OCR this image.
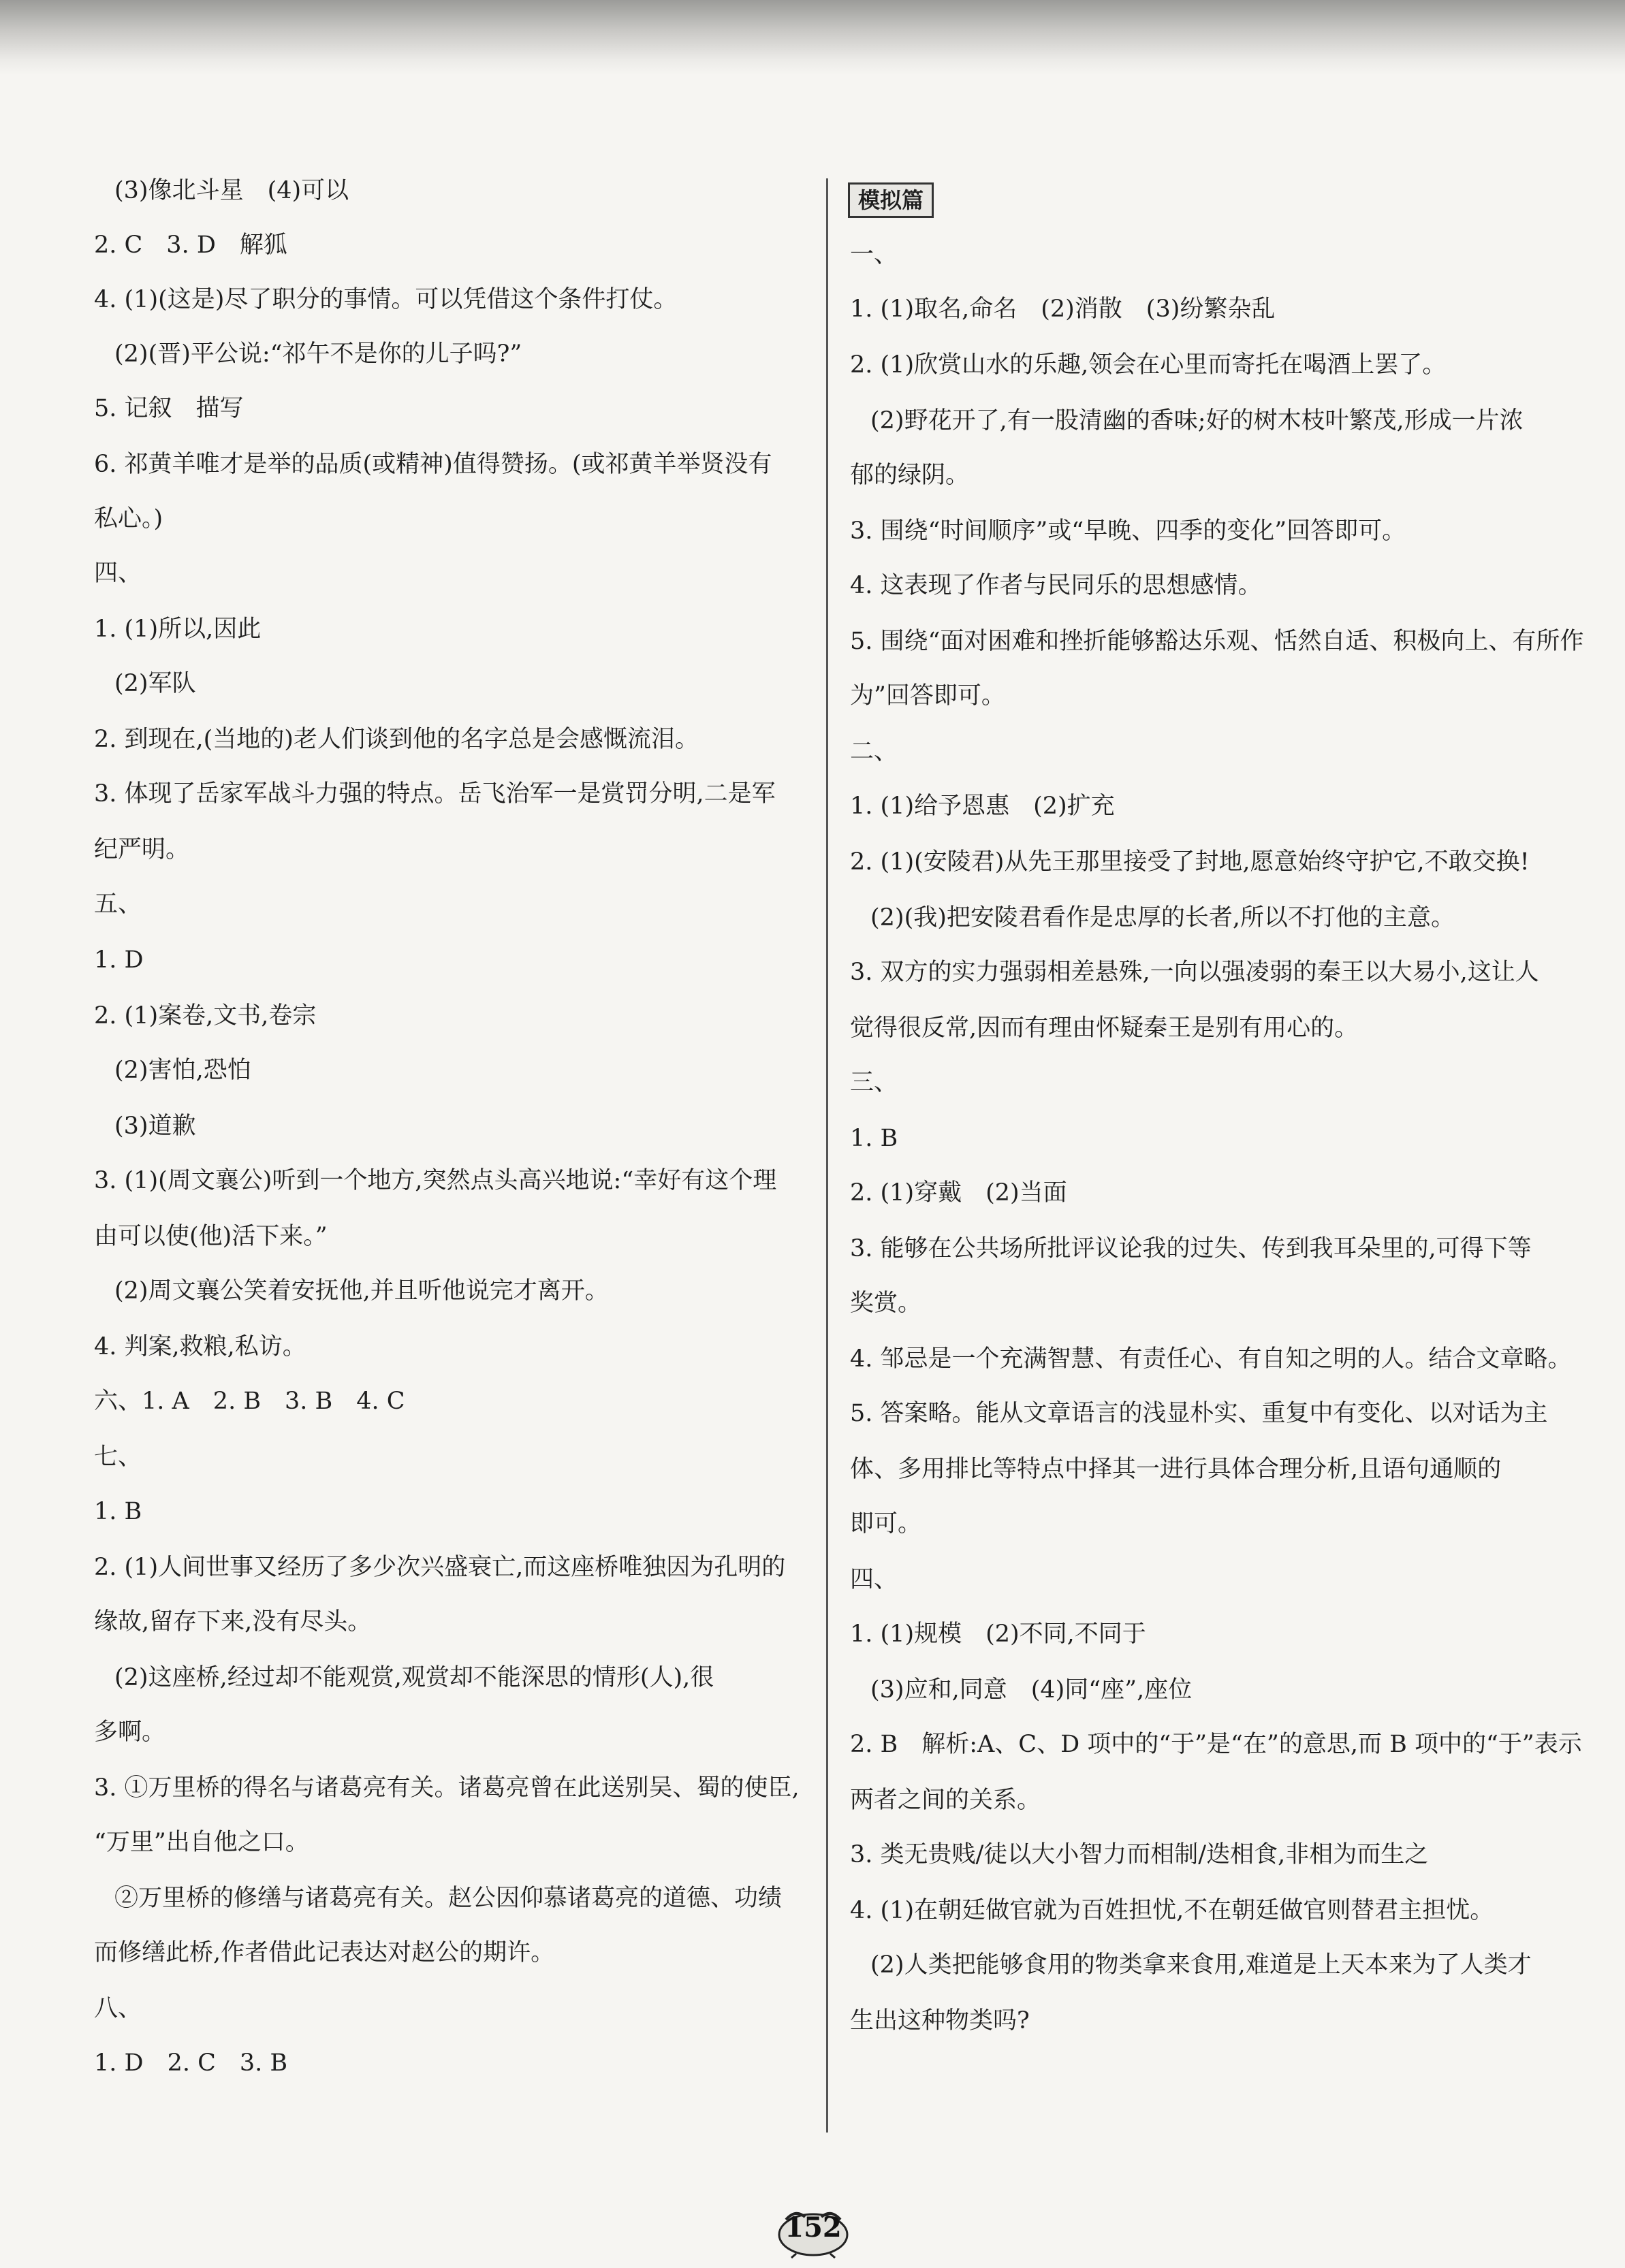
(3)像北斗星　(4)可以
2. C　3. D　解狐
4. (1)(这是)尽了职分的事情。可以凭借这个条件打仗。
(2)(晋)平公说:“祁午不是你的儿子吗?”
5. 记叙　描写
6. 祁黄羊唯才是举的品质(或精神)值得赞扬。(或祁黄羊举贤没有
私心。)
四、
1. (1)所以,因此
(2)军队
2. 到现在,(当地的)老人们谈到他的名字总是会感慨流泪。
3. 体现了岳家军战斗力强的特点。岳飞治军一是赏罚分明,二是军
纪严明。
五、
1. D
2. (1)案卷,文书,卷宗
(2)害怕,恐怕
(3)道歉
3. (1)(周文襄公)听到一个地方,突然点头高兴地说:“幸好有这个理
由可以使(他)活下来。”
(2)周文襄公笑着安抚他,并且听他说完才离开。
4. 判案,救粮,私访。
六、1. A　2. B　3. B　4. C
七、
1. B
2. (1)人间世事又经历了多少次兴盛衰亡,而这座桥唯独因为孔明的
缘故,留存下来,没有尽头。
(2)这座桥,经过却不能观赏,观赏却不能深思的情形(人),很
多啊。
3. ①万里桥的得名与诸葛亮有关。诸葛亮曾在此送别吴、蜀的使臣,
“万里”出自他之口。
②万里桥的修缮与诸葛亮有关。赵公因仰慕诸葛亮的道德、功绩
而修缮此桥,作者借此记表达对赵公的期许。
八、
1. D　2. C　3. B
模拟篇
一、
1. (1)取名,命名　(2)消散　(3)纷繁杂乱
2. (1)欣赏山水的乐趣,领会在心里而寄托在喝酒上罢了。
(2)野花开了,有一股清幽的香味;好的树木枝叶繁茂,形成一片浓
郁的绿阴。
3. 围绕“时间顺序”或“早晚、四季的变化”回答即可。
4. 这表现了作者与民同乐的思想感情。
5. 围绕“面对困难和挫折能够豁达乐观、恬然自适、积极向上、有所作
为”回答即可。
二、
1. (1)给予恩惠　(2)扩充
2. (1)(安陵君)从先王那里接受了封地,愿意始终守护它,不敢交换!
(2)(我)把安陵君看作是忠厚的长者,所以不打他的主意。
3. 双方的实力强弱相差悬殊,一向以强凌弱的秦王以大易小,这让人
觉得很反常,因而有理由怀疑秦王是别有用心的。
三、
1. B
2. (1)穿戴　(2)当面
3. 能够在公共场所批评议论我的过失、传到我耳朵里的,可得下等
奖赏。
4. 邹忌是一个充满智慧、有责任心、有自知之明的人。结合文章略。
5. 答案略。能从文章语言的浅显朴实、重复中有变化、以对话为主
体、多用排比等特点中择其一进行具体合理分析,且语句通顺的
即可。
四、
1. (1)规模　(2)不同,不同于
(3)应和,同意　(4)同“座”,座位
2. B　解析:A、C、D 项中的“于”是“在”的意思,而 B 项中的“于”表示
两者之间的关系。
3. 类无贵贱/徒以大小智力而相制/迭相食,非相为而生之
4. (1)在朝廷做官就为百姓担忧,不在朝廷做官则替君主担忧。
(2)人类把能够食用的物类拿来食用,难道是上天本来为了人类才
生出这种物类吗?
152
